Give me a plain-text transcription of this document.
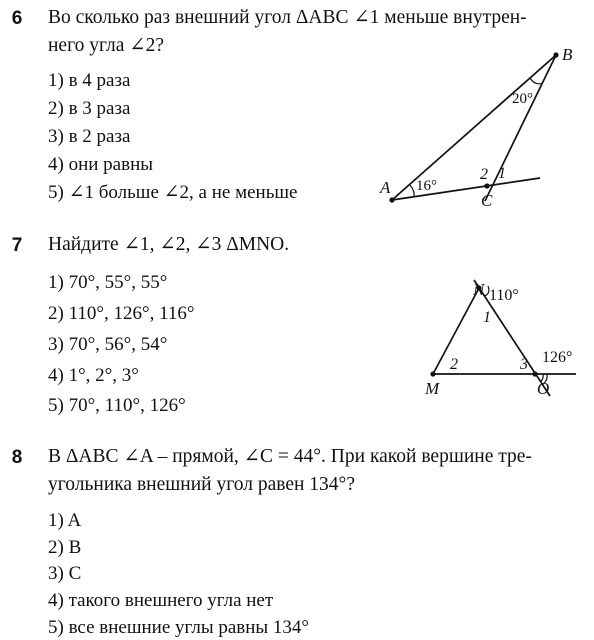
6 Во сколько раз внешний угол ΔABC ∠1 меньше внутрен-
него угла ∠2?
1) в 4 раза
2) в 3 раза
3) в 2 раза
4) они равны
5) ∠1 больше ∠2, а не меньше
B
20°
A 16°
2 1
C
7 Найдите ∠1, ∠2, ∠3 ΔMNO.
1) 70°, 55°, 55°
2) 110°, 126°, 116°
3) 70°, 56°, 54°
4) 1°, 2°, 3°
5) 70°, 110°, 126°
N 110°
1
2	3 126°
M	O
8 В ΔABC ∠A – прямой, ∠C = 44°. При какой вершине тре-
угольника внешний угол равен 134°?
1) A
2) B
3) C
4) такого внешнего угла нет
5) все внешние углы равны 134°
